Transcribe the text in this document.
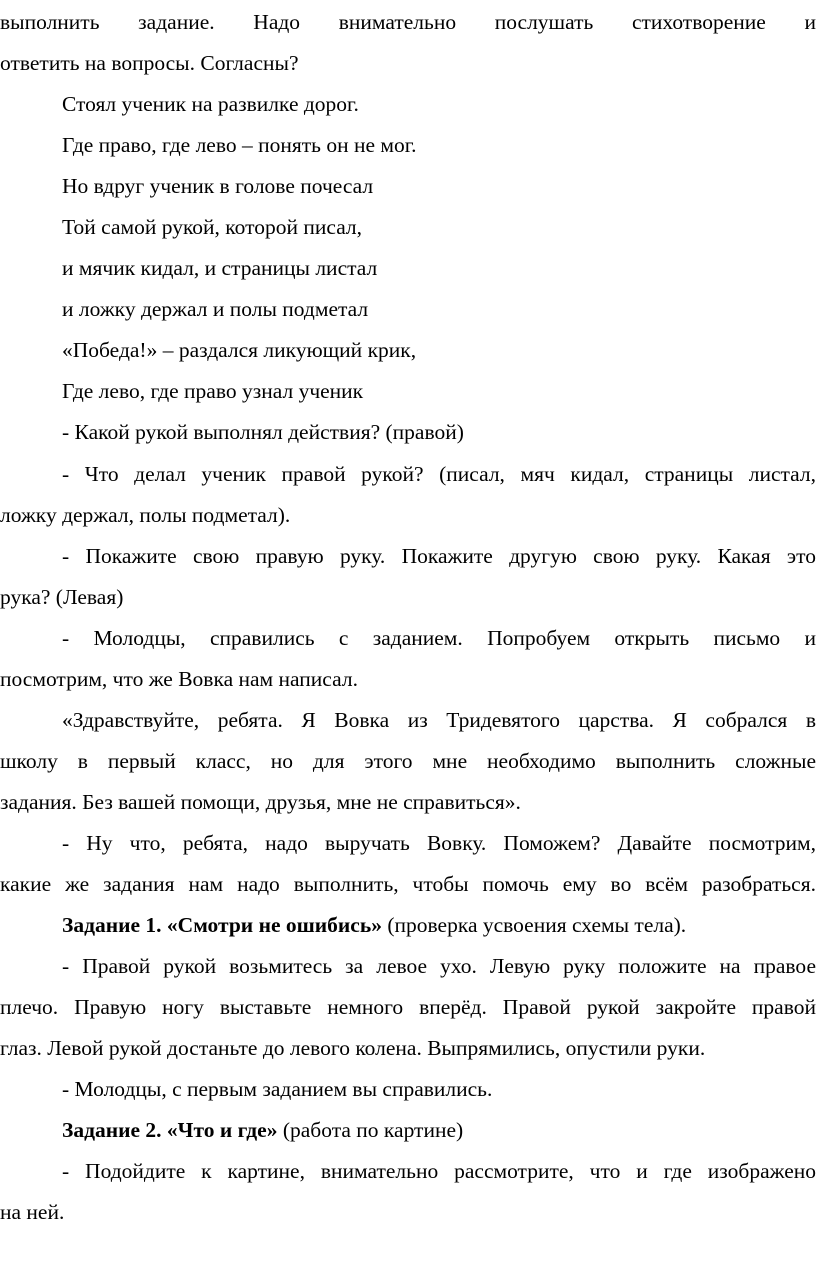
выполнить задание. Надо внимательно послушать стихотворение и
ответить на вопросы. Согласны?
Стоял ученик на развилке дорог.
Где право, где лево – понять он не мог.
Но вдруг ученик в голове почесал
Той самой рукой, которой писал,
и мячик кидал, и страницы листал
и ложку держал и полы подметал
«Победа!» – раздался ликующий крик,
Где лево, где право узнал ученик
- Какой рукой выполнял действия? (правой)
- Что делал ученик правой рукой? (писал, мяч кидал, страницы листал,
ложку держал, полы подметал).
- Покажите свою правую руку. Покажите другую свою руку. Какая это
рука? (Левая)
- Молодцы, справились с заданием. Попробуем открыть письмо и
посмотрим, что же Вовка нам написал.
«Здравствуйте, ребята. Я Вовка из Тридевятого царства. Я собрался в
школу в первый класс, но для этого мне необходимо выполнить сложные
задания. Без вашей помощи, друзья, мне не справиться».
- Ну что, ребята, надо выручать Вовку. Поможем? Давайте посмотрим,
какие же задания нам надо выполнить, чтобы помочь ему во всём разобраться.
Задание 1. «Смотри не ошибись» (проверка усвоения схемы тела).
- Правой рукой возьмитесь за левое ухо. Левую руку положите на правое
плечо. Правую ногу выставьте немного вперёд. Правой рукой закройте правой
глаз. Левой рукой достаньте до левого колена. Выпрямились, опустили руки.
- Молодцы, с первым заданием вы справились.
Задание 2. «Что и где» (работа по картине)
- Подойдите к картине, внимательно рассмотрите, что и где изображено
на ней.
